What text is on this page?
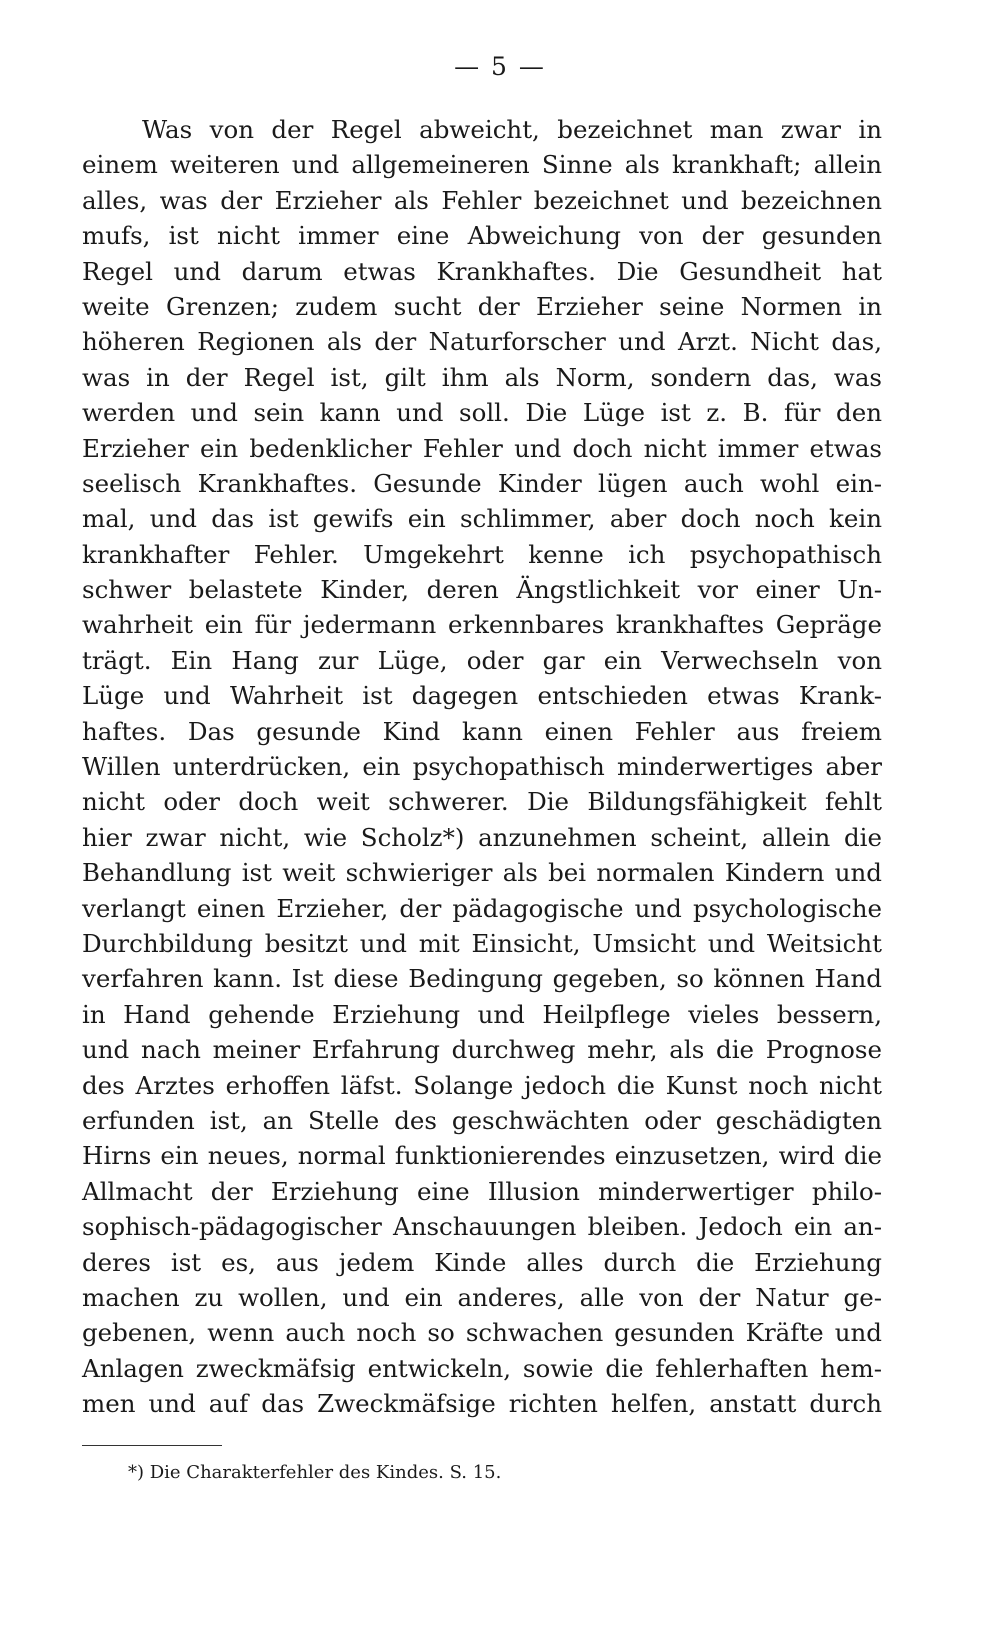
— 5 —
Was von der Regel abweicht, bezeichnet man zwar in
einem weiteren und allgemeineren Sinne als krankhaft; allein
alles, was der Erzieher als Fehler bezeichnet und bezeichnen
mufs, ist nicht immer eine Abweichung von der gesunden
Regel und darum etwas Krankhaftes. Die Gesundheit hat
weite Grenzen; zudem sucht der Erzieher seine Normen in
höheren Regionen als der Naturforscher und Arzt. Nicht das,
was in der Regel ist, gilt ihm als Norm, sondern das, was
werden und sein kann und soll. Die Lüge ist z. B. für den
Erzieher ein bedenklicher Fehler und doch nicht immer etwas
seelisch Krankhaftes. Gesunde Kinder lügen auch wohl ein-
mal, und das ist gewifs ein schlimmer, aber doch noch kein
krankhafter Fehler. Umgekehrt kenne ich psychopathisch
schwer belastete Kinder, deren Ängstlichkeit vor einer Un-
wahrheit ein für jedermann erkennbares krankhaftes Gepräge
trägt. Ein Hang zur Lüge, oder gar ein Verwechseln von
Lüge und Wahrheit ist dagegen entschieden etwas Krank-
haftes. Das gesunde Kind kann einen Fehler aus freiem
Willen unterdrücken, ein psychopathisch minderwertiges aber
nicht oder doch weit schwerer. Die Bildungsfähigkeit fehlt
hier zwar nicht, wie Scholz*) anzunehmen scheint, allein die
Behandlung ist weit schwieriger als bei normalen Kindern und
verlangt einen Erzieher, der pädagogische und psychologische
Durchbildung besitzt und mit Einsicht, Umsicht und Weitsicht
verfahren kann. Ist diese Bedingung gegeben, so können Hand
in Hand gehende Erziehung und Heilpflege vieles bessern,
und nach meiner Erfahrung durchweg mehr, als die Prognose
des Arztes erhoffen läfst. Solange jedoch die Kunst noch nicht
erfunden ist, an Stelle des geschwächten oder geschädigten
Hirns ein neues, normal funktionierendes einzusetzen, wird die
Allmacht der Erziehung eine Illusion minderwertiger philo-
sophisch-pädagogischer Anschauungen bleiben. Jedoch ein an-
deres ist es, aus jedem Kinde alles durch die Erziehung
machen zu wollen, und ein anderes, alle von der Natur ge-
gebenen, wenn auch noch so schwachen gesunden Kräfte und
Anlagen zweckmäfsig entwickeln, sowie die fehlerhaften hem-
men und auf das Zweckmäfsige richten helfen, anstatt durch
*) Die Charakterfehler des Kindes. S. 15.
